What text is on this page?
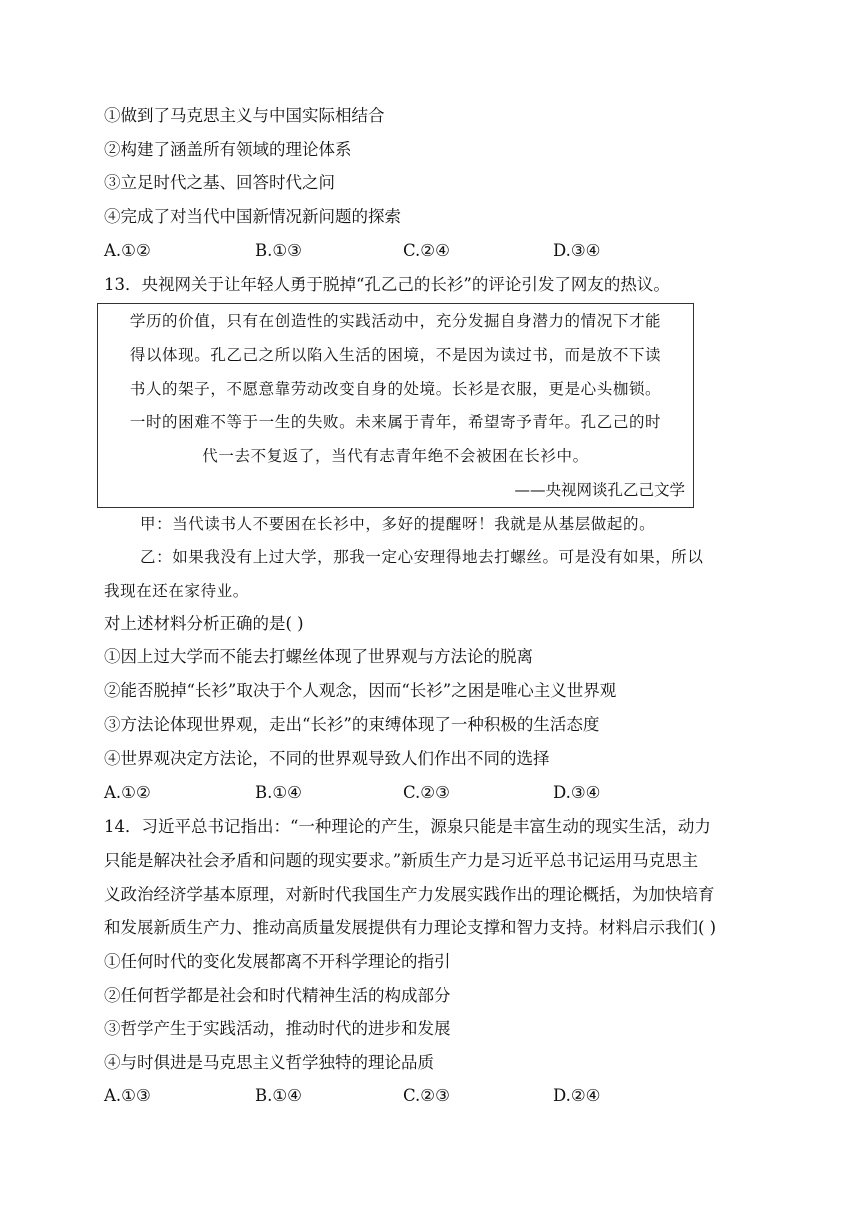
①做到了马克思主义与中国实际相结合
②构建了涵盖所有领域的理论体系
③立足时代之基、回答时代之问
④完成了对当代中国新情况新问题的探索
A.①②	B.①③	C.②④	D.③④
13．央视网关于让年轻人勇于脱掉“孔乙己的长衫”的评论引发了网友的热议。
学历的价值，只有在创造性的实践活动中，充分发掘自身潜力的情况下才能
得以体现。孔乙己之所以陷入生活的困境，不是因为读过书，而是放不下读
书人的架子，不愿意靠劳动改变自身的处境。长衫是衣服，更是心头枷锁。
一时的困难不等于一生的失败。未来属于青年，希望寄予青年。孔乙己的时
代一去不复返了，当代有志青年绝不会被困在长衫中。
——央视网谈孔乙己文学
甲：当代读书人不要困在长衫中，多好的提醒呀！我就是从基层做起的。
乙：如果我没有上过大学，那我一定心安理得地去打螺丝。可是没有如果，所以
我现在还在家待业。
对上述材料分析正确的是( )
①因上过大学而不能去打螺丝体现了世界观与方法论的脱离
②能否脱掉“长衫”取决于个人观念，因而“长衫”之困是唯心主义世界观
③方法论体现世界观，走出“长衫”的束缚体现了一种积极的生活态度
④世界观决定方法论，不同的世界观导致人们作出不同的选择
A.①②	B.①④	C.②③	D.③④
14．习近平总书记指出：“一种理论的产生，源泉只能是丰富生动的现实生活，动力
只能是解决社会矛盾和问题的现实要求。”新质生产力是习近平总书记运用马克思主
义政治经济学基本原理，对新时代我国生产力发展实践作出的理论概括，为加快培育
和发展新质生产力、推动高质量发展提供有力理论支撑和智力支持。材料启示我们( )
①任何时代的变化发展都离不开科学理论的指引
②任何哲学都是社会和时代精神生活的构成部分
③哲学产生于实践活动，推动时代的进步和发展
④与时俱进是马克思主义哲学独特的理论品质
A.①③	B.①④	C.②③	D.②④
